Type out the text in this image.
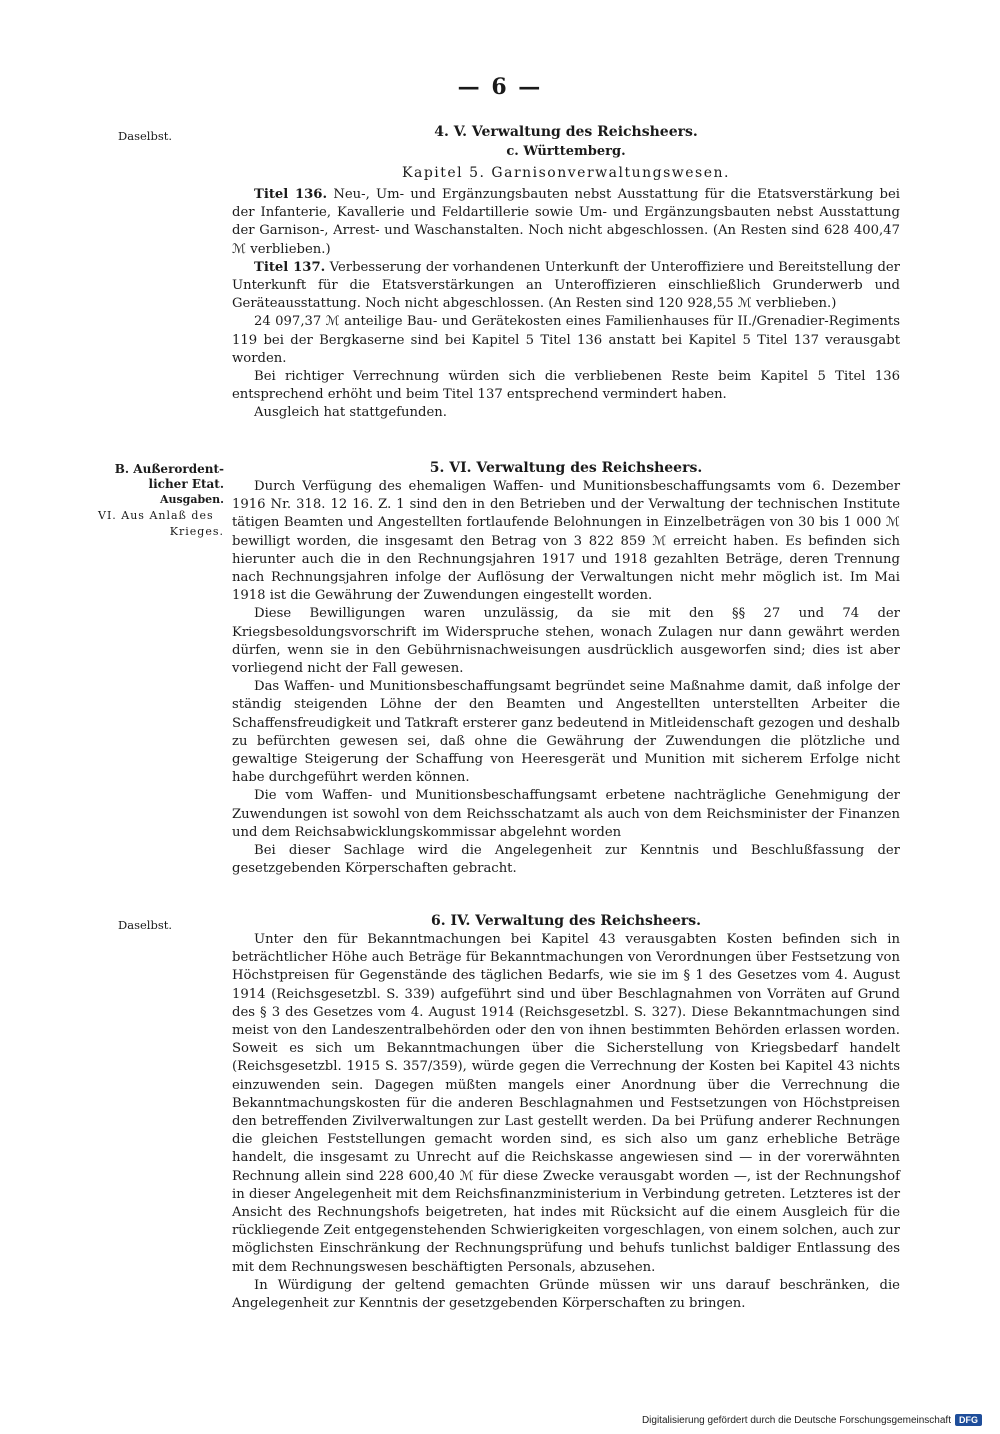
— 6 —
Daselbst.
B. Außerordent-
licher Etat.
Ausgaben.
VI. Aus Anlaß des
Krieges.
Daselbst.
4. V. Verwaltung des Reichsheers.
c. Württemberg.
Kapitel 5. Garnisonverwaltungswesen.

Titel 136. Neu-, Um- und Ergänzungsbauten nebst Ausstattung für die Etatsverstärkung bei der Infanterie, Kavallerie und Feldartillerie sowie Um- und Ergänzungsbauten nebst Ausstattung der Garnison-, Arrest- und Waschanstalten. Noch nicht abgeschlossen. (An Resten sind 628 400,47 ℳ verblieben.)

Titel 137. Verbesserung der vorhandenen Unterkunft der Unteroffiziere und Bereitstellung der Unterkunft für die Etatsverstärkungen an Unteroffizieren einschließlich Grunderwerb und Geräteausstattung. Noch nicht abgeschlossen. (An Resten sind 120 928,55 ℳ verblieben.)

24 097,37 ℳ anteilige Bau- und Gerätekosten eines Familienhauses für II./Grenadier-Regiments 119 bei der Bergkaserne sind bei Kapitel 5 Titel 136 anstatt bei Kapitel 5 Titel 137 verausgabt worden.

Bei richtiger Verrechnung würden sich die verbliebenen Reste beim Kapitel 5 Titel 136 entsprechend erhöht und beim Titel 137 entsprechend vermindert haben.

Ausgleich hat stattgefunden.

5. VI. Verwaltung des Reichsheers.

Durch Verfügung des ehemaligen Waffen- und Munitionsbeschaffungsamts vom 6. Dezember 1916 Nr. 318. 12 16. Z. 1 sind den in den Betrieben und der Verwaltung der technischen Institute tätigen Beamten und Angestellten fortlaufende Belohnungen in Einzelbeträgen von 30 bis 1 000 ℳ bewilligt worden, die insgesamt den Betrag von 3 822 859 ℳ erreicht haben. Es befinden sich hierunter auch die in den Rechnungsjahren 1917 und 1918 gezahlten Beträge, deren Trennung nach Rechnungsjahren infolge der Auflösung der Verwaltungen nicht mehr möglich ist. Im Mai 1918 ist die Gewährung der Zuwendungen eingestellt worden.

Diese Bewilligungen waren unzulässig, da sie mit den §§ 27 und 74 der Kriegsbesoldungsvorschrift im Widerspruche stehen, wonach Zulagen nur dann gewährt werden dürfen, wenn sie in den Gebührnisnachweisungen ausdrücklich ausgeworfen sind; dies ist aber vorliegend nicht der Fall gewesen.

Das Waffen- und Munitionsbeschaffungsamt begründet seine Maßnahme damit, daß infolge der ständig steigenden Löhne der den Beamten und Angestellten unterstellten Arbeiter die Schaffensfreudigkeit und Tatkraft ersterer ganz bedeutend in Mitleidenschaft gezogen und deshalb zu befürchten gewesen sei, daß ohne die Gewährung der Zuwendungen die plötzliche und gewaltige Steigerung der Schaffung von Heeresgerät und Munition mit sicherem Erfolge nicht habe durchgeführt werden können.

Die vom Waffen- und Munitionsbeschaffungsamt erbetene nachträgliche Genehmigung der Zuwendungen ist sowohl von dem Reichsschatzamt als auch von dem Reichsminister der Finanzen und dem Reichsabwicklungskommissar abgelehnt worden

Bei dieser Sachlage wird die Angelegenheit zur Kenntnis und Beschlußfassung der gesetzgebenden Körperschaften gebracht.

6. IV. Verwaltung des Reichsheers.

Unter den für Bekanntmachungen bei Kapitel 43 verausgabten Kosten befinden sich in beträchtlicher Höhe auch Beträge für Bekanntmachungen von Verordnungen über Festsetzung von Höchstpreisen für Gegenstände des täglichen Bedarfs, wie sie im § 1 des Gesetzes vom 4. August 1914 (Reichsgesetzbl. S. 339) aufgeführt sind und über Beschlagnahmen von Vorräten auf Grund des § 3 des Gesetzes vom 4. August 1914 (Reichsgesetzbl. S. 327). Diese Bekanntmachungen sind meist von den Landeszentralbehörden oder den von ihnen bestimmten Behörden erlassen worden. Soweit es sich um Bekanntmachungen über die Sicherstellung von Kriegsbedarf handelt (Reichsgesetzbl. 1915 S. 357/359), würde gegen die Verrechnung der Kosten bei Kapitel 43 nichts einzuwenden sein. Dagegen müßten mangels einer Anordnung über die Verrechnung die Bekanntmachungskosten für die anderen Beschlagnahmen und Festsetzungen von Höchstpreisen den betreffenden Zivilverwaltungen zur Last gestellt werden. Da bei Prüfung anderer Rechnungen die gleichen Feststellungen gemacht worden sind, es sich also um ganz erhebliche Beträge handelt, die insgesamt zu Unrecht auf die Reichskasse angewiesen sind — in der vorerwähnten Rechnung allein sind 228 600,40 ℳ für diese Zwecke verausgabt worden —, ist der Rechnungshof in dieser Angelegenheit mit dem Reichsfinanzministerium in Verbindung getreten. Letzteres ist der Ansicht des Rechnungshofs beigetreten, hat indes mit Rücksicht auf die einem Ausgleich für die rückliegende Zeit entgegenstehenden Schwierigkeiten vorgeschlagen, von einem solchen, auch zur möglichsten Einschränkung der Rechnungsprüfung und behufs tunlichst baldiger Entlassung des mit dem Rechnungswesen beschäftigten Personals, abzusehen.

In Würdigung der geltend gemachten Gründe müssen wir uns darauf beschränken, die Angelegenheit zur Kenntnis der gesetzgebenden Körperschaften zu bringen.

Digitalisierung gefördert durch die Deutsche Forschungsgemeinschaft DFG
